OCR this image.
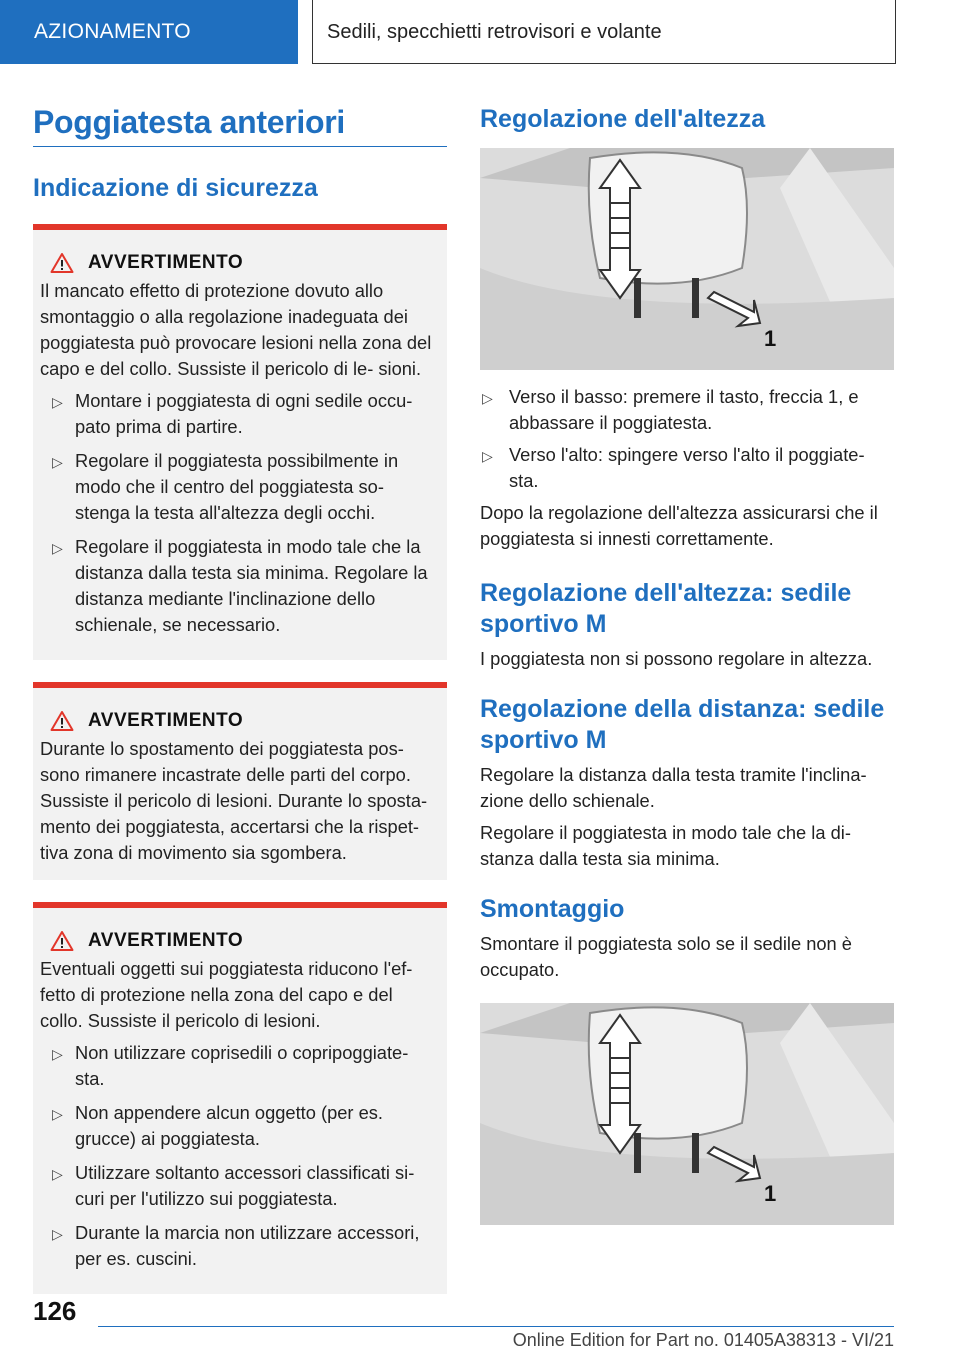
AZIONAMENTO	Sedili, specchietti retrovisori e volante
Poggiatesta anteriori
Indicazione di sicurezza
AVVERTIMENTO
Il mancato effetto di protezione dovuto allo smontaggio o alla regolazione inadeguata dei poggiatesta può provocare lesioni nella zona del capo e del collo. Sussiste il pericolo di le- sioni.
▷ Montare i poggiatesta di ogni sedile occu- pato prima di partire.
▷ Regolare il poggiatesta possibilmente in modo che il centro del poggiatesta so- stenga la testa all'altezza degli occhi.
▷ Regolare il poggiatesta in modo tale che la distanza dalla testa sia minima. Regolare la distanza mediante l'inclinazione dello schienale, se necessario.
AVVERTIMENTO
Durante lo spostamento dei poggiatesta pos- sono rimanere incastrate delle parti del corpo. Sussiste il pericolo di lesioni. Durante lo sposta- mento dei poggiatesta, accertarsi che la rispet- tiva zona di movimento sia sgombera.
AVVERTIMENTO
Eventuali oggetti sui poggiatesta riducono l'ef- fetto di protezione nella zona del capo e del collo. Sussiste il pericolo di lesioni.
▷ Non utilizzare coprisedili o copripoggiate- sta.
▷ Non appendere alcun oggetto (per es. grucce) ai poggiatesta.
▷ Utilizzare soltanto accessori classificati si- curi per l'utilizzo sui poggiatesta.
▷ Durante la marcia non utilizzare accessori, per es. cuscini.
Regolazione dell'altezza
1
▷ Verso il basso: premere il tasto, freccia 1, e abbassare il poggiatesta.
▷ Verso l'alto: spingere verso l'alto il poggiate- sta.

Dopo la regolazione dell'altezza assicurarsi che il poggiatesta si innesti correttamente.

Regolazione dell'altezza: sedile sportivo M

I poggiatesta non si possono regolare in altezza.

Regolazione della distanza: sedile sportivo M

Regolare la distanza dalla testa tramite l'inclina- zione dello schienale.

Regolare il poggiatesta in modo tale che la di- stanza dalla testa sia minima.

Smontaggio

Smontare il poggiatesta solo se il sedile non è occupato.

1
126
Online Edition for Part no. 01405A38313 - VI/21
